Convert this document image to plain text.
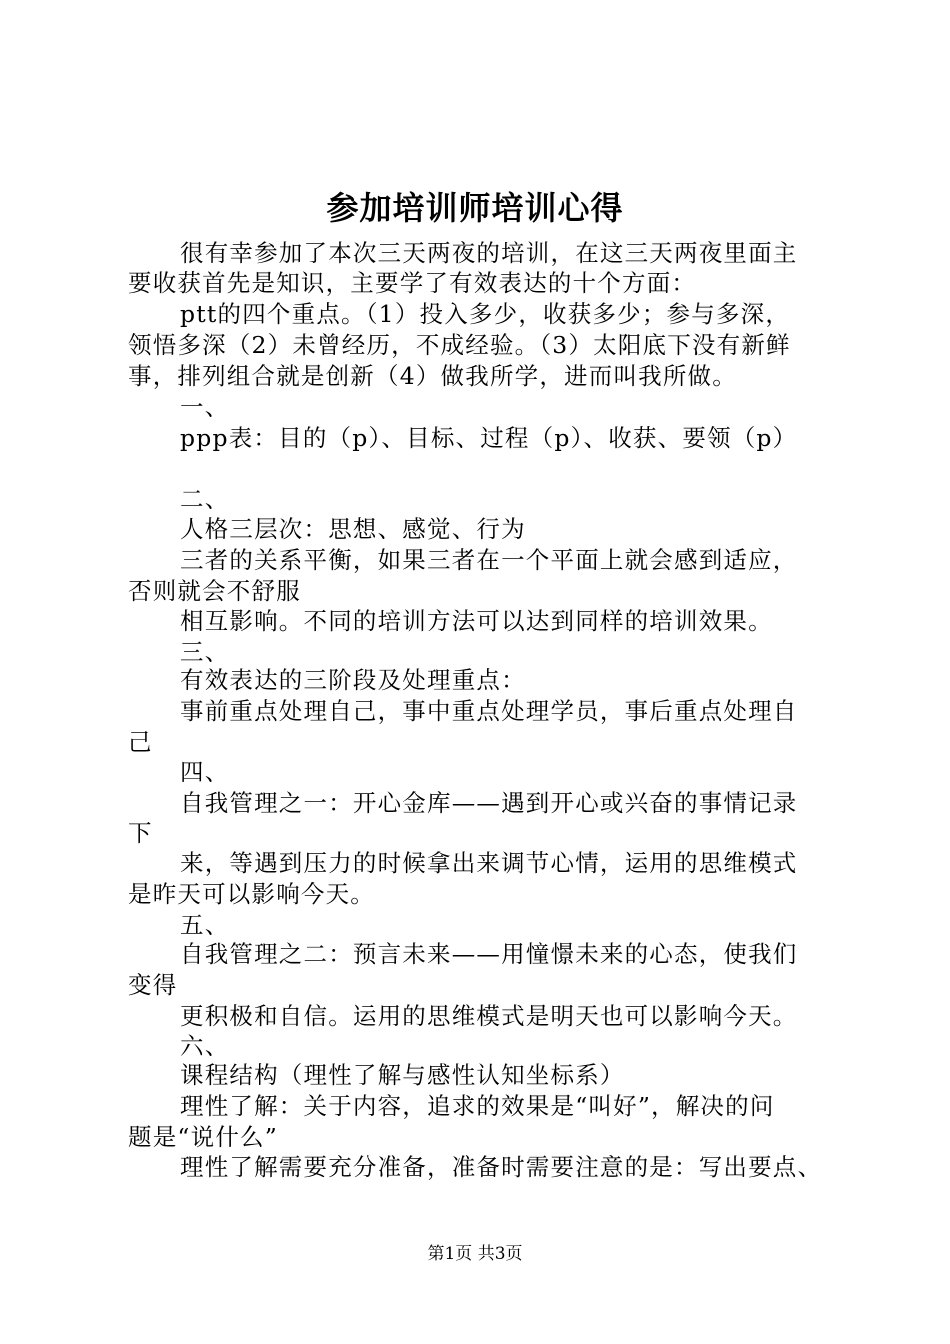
参加培训师培训心得
很有幸参加了本次三天两夜的培训，在这三天两夜里面主
要收获首先是知识，主要学了有效表达的十个方面：
ptt的四个重点。（1）投入多少，收获多少；参与多深，
领悟多深（2）未曾经历，不成经验。（3）太阳底下没有新鲜
事，排列组合就是创新（4）做我所学，进而叫我所做。
一、
ppp表：目的（p）、目标、过程（p）、收获、要领（p）
二、
人格三层次：思想、感觉、行为
三者的关系平衡，如果三者在一个平面上就会感到适应，
否则就会不舒服
相互影响。不同的培训方法可以达到同样的培训效果。
三、
有效表达的三阶段及处理重点：
事前重点处理自己，事中重点处理学员，事后重点处理自
己
四、
自我管理之一：开心金库——遇到开心或兴奋的事情记录
下
来，等遇到压力的时候拿出来调节心情，运用的思维模式
是昨天可以影响今天。
五、
自我管理之二：预言未来——用憧憬未来的心态，使我们
变得
更积极和自信。运用的思维模式是明天也可以影响今天。
六、
课程结构（理性了解与感性认知坐标系）
理性了解：关于内容，追求的效果是“叫好”，解决的问
题是“说什么”
理性了解需要充分准备，准备时需要注意的是：写出要点、
第1页 共3页
